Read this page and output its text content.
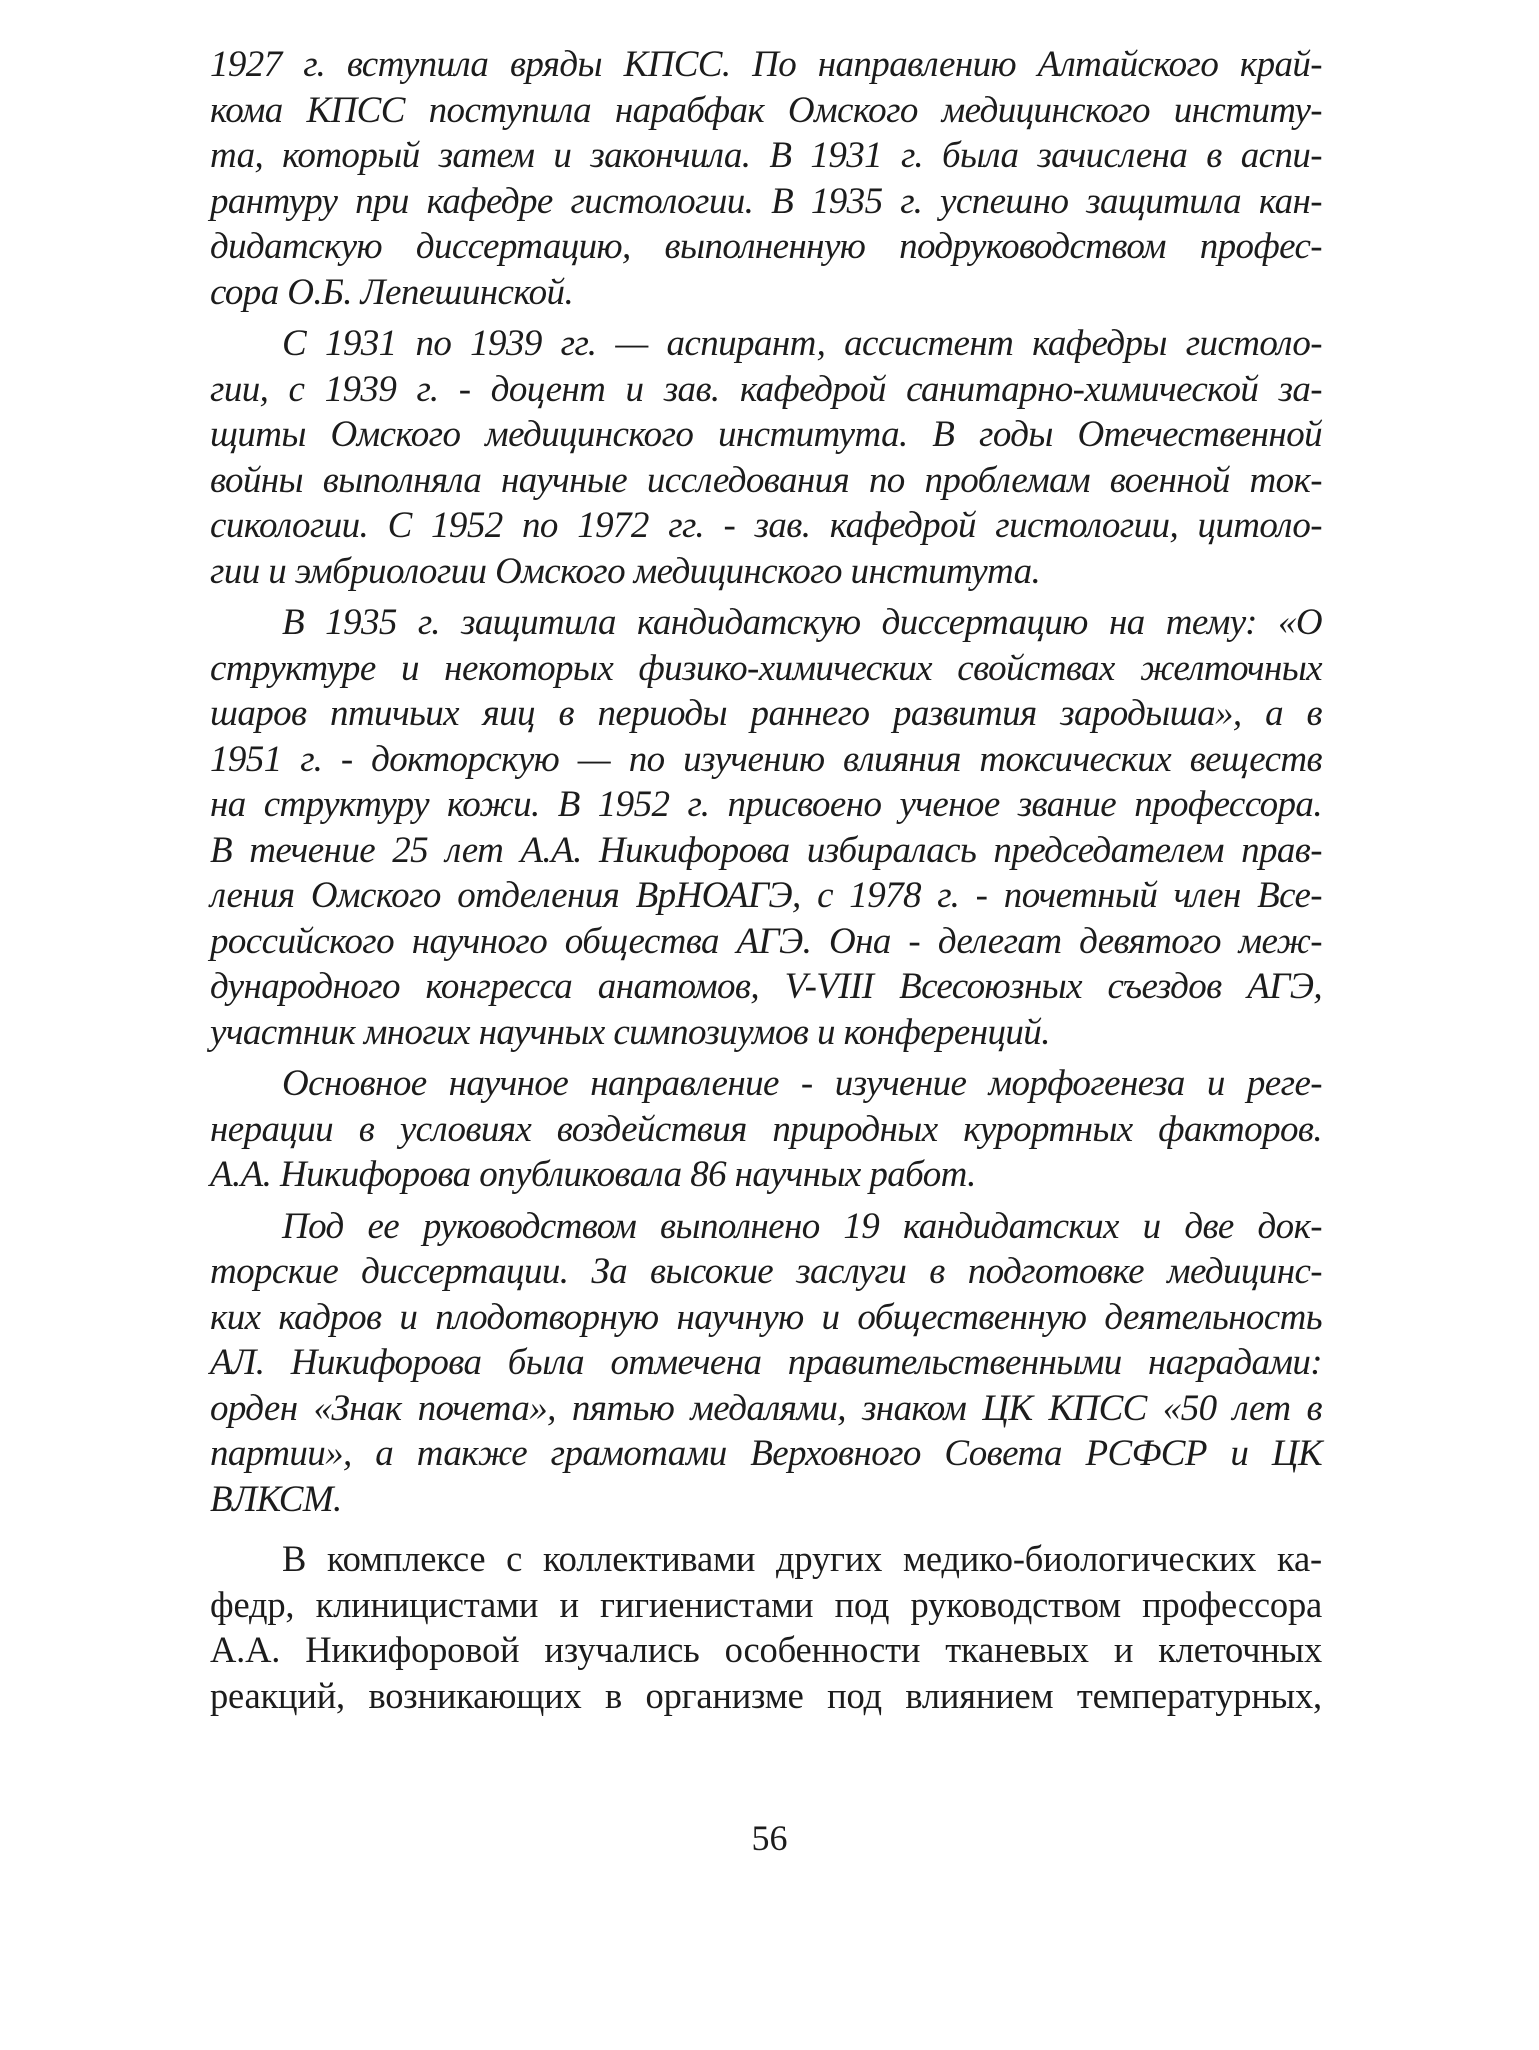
1927 г. вступила вряды КПСС. По направлению Алтайского край-
кома КПСС поступила нарабфак Омского медицинского институ-
та, который затем и закончила. В 1931 г. была зачислена в аспи-
рантуру при кафедре гистологии. В 1935 г. успешно защитила кан-
дидатскую диссертацию, выполненную подруководством профес-
сора О.Б. Лепешинской.
С 1931 по 1939 гг. — аспирант, ассистент кафедры гистоло-
гии, с 1939 г. - доцент и зав. кафедрой санитарно-химической за-
щиты Омского медицинского института. В годы Отечественной
войны выполняла научные исследования по проблемам военной ток-
сикологии. С 1952 по 1972 гг. - зав. кафедрой гистологии, цитоло-
гии и эмбриологии Омского медицинского института.
В 1935 г. защитила кандидатскую диссертацию на тему: «О
структуре и некоторых физико-химических свойствах желточных
шаров птичьих яиц в периоды раннего развития зародыша», а в
1951 г. - докторскую — по изучению влияния токсических веществ
на структуру кожи. В 1952 г. присвоено ученое звание профессора.
В течение 25 лет А.А. Никифорова избиралась председателем прав-
ления Омского отделения ВрНОАГЭ, с 1978 г. - почетный член Все-
российского научного общества АГЭ. Она - делегат девятого меж-
дународного конгресса анатомов, V-VIII Всесоюзных съездов АГЭ,
участник многих научных симпозиумов и конференций.
Основное научное направление - изучение морфогенеза и реге-
нерации в условиях воздействия природных курортных факторов.
А.А. Никифорова опубликовала 86 научных работ.
Под ее руководством выполнено 19 кандидатских и две док-
торские диссертации. За высокие заслуги в подготовке медицинс-
ких кадров и плодотворную научную и общественную деятельность
АЛ. Никифорова была отмечена правительственными наградами:
орден «Знак почета», пятью медалями, знаком ЦК КПСС «50 лет в
партии», а также грамотами Верховного Совета РСФСР и ЦК
ВЛКСМ.
В комплексе с коллективами других медико-биологических ка-
федр, клиницистами и гигиенистами под руководством профессора
А.А. Никифоровой изучались особенности тканевых и клеточных
реакций, возникающих в организме под влиянием температурных,
56
